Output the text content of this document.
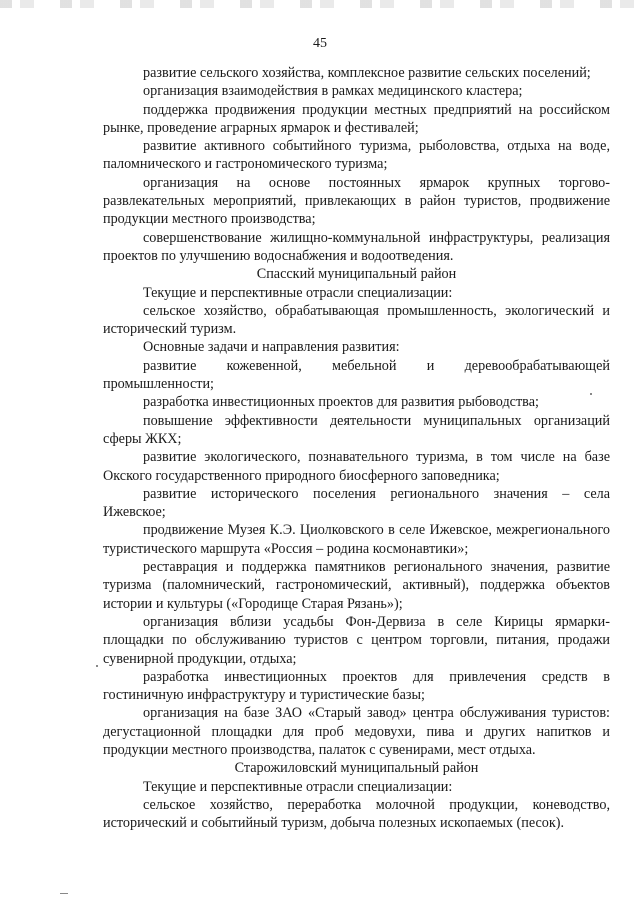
45

развитие сельского хозяйства, комплексное развитие сельских поселений;

организация взаимодействия в рамках медицинского кластера;

поддержка продвижения продукции местных предприятий на российском рынке, проведение аграрных ярмарок и фестивалей;

развитие активного событийного туризма, рыболовства, отдыха на воде, паломнического и гастрономического туризма;

организация на основе постоянных ярмарок крупных торгово-развлекательных мероприятий, привлекающих в район туристов, продвижение продукции местного производства;

совершенствование жилищно-коммунальной инфраструктуры, реализация проектов по улучшению водоснабжения и водоотведения.

Спасский муниципальный район

Текущие и перспективные отрасли специализации:

сельское хозяйство, обрабатывающая промышленность, экологический и исторический туризм.

Основные задачи и направления развития:

развитие кожевенной, мебельной и деревообрабатывающей промышленности;

разработка инвестиционных проектов для развития рыбоводства;

повышение эффективности деятельности муниципальных организаций сферы ЖКХ;

развитие экологического, познавательного туризма, в том числе на базе Окского государственного природного биосферного заповедника;

развитие исторического поселения регионального значения – села Ижевское;

продвижение Музея К.Э. Циолковского в селе Ижевское, межрегионального туристического маршрута «Россия – родина космонавтики»;

реставрация и поддержка памятников регионального значения, развитие туризма (паломнический, гастрономический, активный), поддержка объектов истории и культуры («Городище Старая Рязань»);

организация вблизи усадьбы Фон-Дервиза в селе Кирицы ярмарки-площадки по обслуживанию туристов с центром торговли, питания, продажи сувенирной продукции, отдыха;

разработка инвестиционных проектов для привлечения средств в гостиничную инфраструктуру и туристические базы;

организация на базе ЗАО «Старый завод» центра обслуживания туристов: дегустационной площадки для проб медовухи, пива и других напитков и продукции местного производства, палаток с сувенирами, мест отдыха.

Старожиловский муниципальный район

Текущие и перспективные отрасли специализации:

сельское хозяйство, переработка молочной продукции, коневодство, исторический и событийный туризм, добыча полезных ископаемых (песок).
